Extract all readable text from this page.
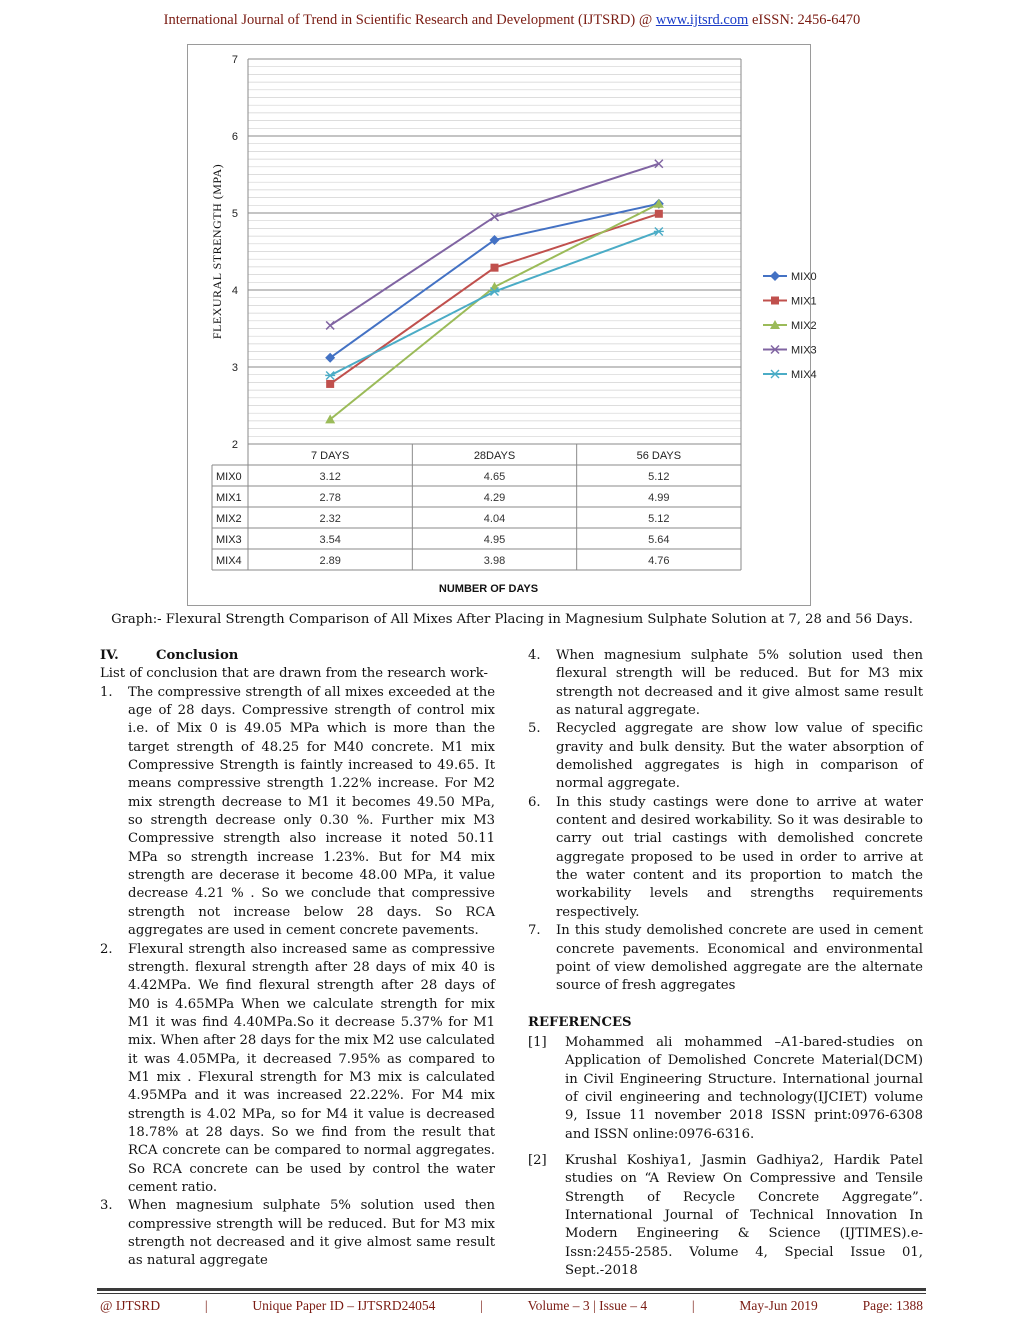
International Journal of Trend in Scientific Research and Development (IJTSRD) @ www.ijtsrd.com eISSN: 2456-6470
2
3
4
5
6
7
FLEXURAL STRENGTH (MPA)
7 DAYS	28DAYS	56 DAYS
MIX0	3.12	4.65	5.12
MIX1	2.78	4.29	4.99
MIX2	2.32	4.04	5.12
MIX3	3.54	4.95	5.64
MIX4	2.89	3.98	4.76
NUMBER OF DAYS
MIX0
MIX1
MIX2
MIX3
MIX4
Graph:- Flexural Strength Comparison of All Mixes After Placing in Magnesium Sulphate Solution at 7, 28 and 56 Days.

IV.	Conclusion

List of conclusion that are drawn from the research work-

1.	The compressive strength of all mixes exceeded at the age of 28 days. Compressive strength of control mix i.e. of Mix 0 is 49.05 MPa which is more than the target strength of 48.25 for M40 concrete. M1 mix Compressive Strength is faintly increased to 49.65. It means compressive strength 1.22% increase. For M2 mix strength decrease to M1 it becomes 49.50 MPa, so strength decrease only 0.30 %. Further mix M3 Compressive strength also increase it noted 50.11 MPa so strength increase 1.23%. But for M4 mix strength are decerase it become 48.00 MPa, it value decrease 4.21 % . So we conclude that compressive strength not increase below 28 days. So RCA aggregates are used in cement concrete pavements.
2.	Flexural strength also increased same as compressive strength. flexural strength after 28 days of mix 40 is 4.42MPa. We find flexural strength after 28 days of M0 is 4.65MPa When we calculate strength for mix M1 it was find 4.40MPa.So it decrease 5.37% for M1 mix. When after 28 days for the mix M2 use calculated it was 4.05MPa, it decreased 7.95% as compared to M1 mix . Flexural strength for M3 mix is calculated 4.95MPa and it was increased 22.22%. For M4 mix strength is 4.02 MPa, so for M4 it value is decreased 18.78% at 28 days. So we find from the result that RCA concrete can be compared to normal aggregates. So RCA concrete can be used by control the water cement ratio.
3.	When magnesium sulphate 5% solution used then compressive strength will be reduced. But for M3 mix strength not decreased and it give almost same result as natural aggregate
4.	When magnesium sulphate 5% solution used then flexural strength will be reduced. But for M3 mix strength not decreased and it give almost same result as natural aggregate.
5.	Recycled aggregate are show low value of specific gravity and bulk density. But the water absorption of demolished aggregates is high in comparison of normal aggregate.
6.	In this study castings were done to arrive at water content and desired workability. So it was desirable to carry out trial castings with demolished concrete aggregate proposed to be used in order to arrive at the water content and its proportion to match the workability levels and strengths requirements respectively.
7.	In this study demolished concrete are used in cement concrete pavements. Economical and environmental point of view demolished aggregate are the alternate source of fresh aggregates

REFERENCES

[1]	Mohammed ali mohammed –A1-bared-studies on Application of Demolished Concrete Material(DCM) in Civil Engineering Structure. International journal of civil engineering and technology(IJCIET) volume 9, Issue 11 november 2018 ISSN print:0976-6308 and ISSN online:0976-6316.
[2]	Krushal Koshiya1, Jasmin Gadhiya2, Hardik Patel studies on “A Review On Compressive and Tensile Strength of Recycle Concrete Aggregate”. International Journal of Technical Innovation In Modern Engineering & Science (IJTIMES).e-Issn:2455-2585. Volume 4, Special Issue 01, Sept.-2018
@ IJTSRD	|	Unique Paper ID – IJTSRD24054	|	Volume – 3 | Issue – 4	|	May-Jun 2019	Page: 1388
